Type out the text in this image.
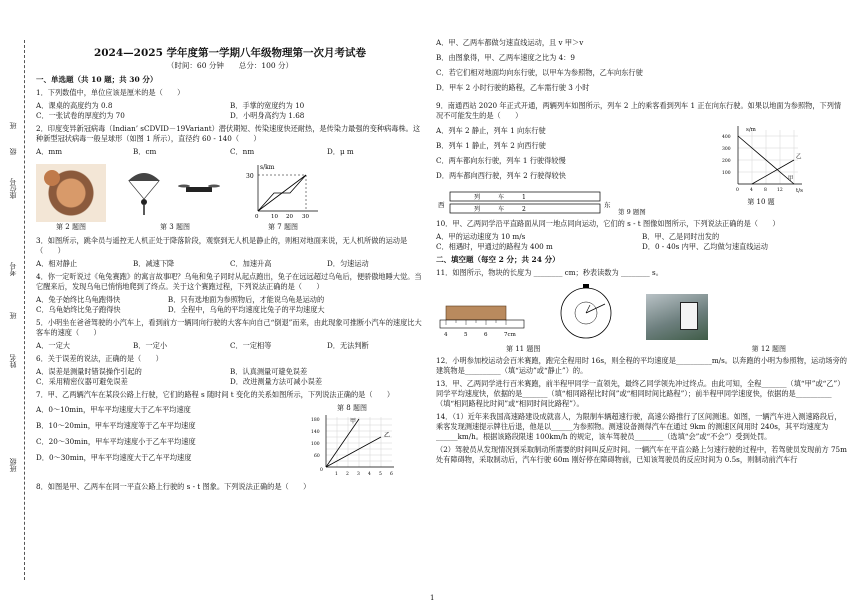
班
级
座位号
考号
班
姓名
班级
2024—2025 学年度第一学期八年级物理第一次月考试卷
（时间：60 分钟　　总分：100 分）
一、单选题（共 10 题；共 30 分）
1．下列数值中，单位应该是厘米的是（　　）
A．课桌的高度约为 0.8	B．手掌的宽度约为 10
C．一张试卷的厚度约为 70	D．小明身高约为 1.68
2．印度变异新冠病毒（Indian’ sCDVID－19Variant）潜伏期短、传染速度快还耐热，是传染力最强的变种病毒株。这种新型冠状病毒一般呈球形（如图 1 所示），直径约 60 - 140（　　）
A．mm	B．cm	C．nm	D．μ m
第 2 题图	第 3 题图
s/km
30
0 10 20 30
第 7 题图
3．如图所示，跳伞员与遥控无人机正处于降落阶段，观察到无人机是静止的，则相对地面来说，无人机所做的运动是（　　）
A．相对静止	B．减速下降	C．加速升高	D．匀速运动
4．你一定听说过《龟兔赛跑》的寓言故事吧？乌龟和兔子同时从起点跑出，兔子在远远超过乌龟后，便骄傲地睡大觉。当它醒来后，发现乌龟已悄悄地爬到了终点。关于这个赛跑过程，下列说法正确的是（　　）
A．兔子始终比乌龟跑得快	B．只有选地面为参照物后，才能说乌龟是运动的
C．乌龟始终比兔子跑得快	D．全程中，乌龟的平均速度比兔子的平均速度大
5．小明坐在爸爸驾驶的小汽车上，看到前方一辆同向行驶的大客车向自己“倒退”而来，由此现象可推断小汽车的速度比大客车的速度（　　）
A．一定大	B．一定小	C．一定相等	D．无法判断
6．关于误差的说法，正确的是（　　）
A．误差是测量时错误操作引起的	B．认真测量可避免误差
C．采用精密仪器可避免误差	D．改进测量方法可减小误差
7．甲、乙两辆汽车在某段公路上行驶，它们的路程 s 随时间 t 变化的关系如图所示，下列说法正确的是（　　）
A．0～10min，甲车平均速度大于乙车平均速度
B．10～20min，甲车平均速度等于乙车平均速度
C．20～30min，甲车平均速度小于乙车平均速度
D．0～30min，甲车平均速度大于乙车平均速度
第 8 题图
甲
乙
180
140
100
60
0
1 2 3 4 5 6
8．如图是甲、乙两车在同一平直公路上行驶的 s - t 图象。下列说法正确的是（　　）
A．甲、乙两车都做匀速直线运动，且 v 甲＞v
B．由图象得，甲、乙两车速度之比为 4：9
C．若它们相对地面均向东行驶，以甲车为参照物，乙车向东行驶
D．甲车 2 小时行驶的路程，乙车需行驶 3 小时
9．南通西站 2020 年正式开通，两辆列车如图所示，列车 2 上的乘客看到列车 1 正在向东行驶。如果以地面为参照物，下列情况不可能发生的是（　　）
A．列车 2 静止，列车 1 向东行驶
B．列车 1 静止，列车 2 向西行驶
C．两车都向东行驶，列车 1 行驶得较慢
D．两车都向西行驶，列车 2 行驶得较快
西	东
列　　　车　　　1
列　　　车　　　2	第 9 题图
s/m
t/s
400
300
200
100
0 4 8 12
甲
乙
第 10 题
10．甲、乙两同学沿平直路面从同一地点同向运动，它们的 s - t 图像如图所示，下列说法正确的是（　　）
A．甲的运动速度为 10 m/s	B．甲、乙是同时出发的
C．相遇时，甲通过的路程为 400 m	D．0 - 40s 内甲、乙均做匀速直线运动
二、填空题（每空 2 分；共 24 分）
11．如图所示，物块的长度为 ________ cm；秒表读数为 ________ s。
4	5	6	7cm
第 11 题图	第 12 题图
12．小明参加校运动会百米赛跑，跑完全程用时 16s，则全程的平均速度是__________m/s。以奔跑的小明为参照物，运动场旁的建筑物是__________（填“运动”或“静止”）的。
13．甲、乙两同学进行百米赛跑，前半程甲同学一直领先，最终乙同学领先冲过终点。由此可知，全程_______（填“甲”或“乙”）同学平均速度快，依据的是_______（填“相同路程比时间”或“相同时间比路程”）；前半程甲同学速度快，依据的是__________（填“相同路程比时间”或“相同时间比路程”）。
14．（1）近年来我国高速路建设成就喜人，为限制车辆超速行驶，高速公路推行了区间测速。如图，一辆汽车进入测速路段后，乘客发现测速提示牌往后退，他是以______为参照物。测速设备测得汽车在通过 9km 的测速区间用时 240s，其平均速度为______km/h。根据该路段限速 100km/h 的规定，该车驾驶员________（选填“会”或“不会”）受到处罚。
（2）驾驶员从发现情况到采取制动所需要的时间叫反应时间。一辆汽车在平直公路上匀速行驶的过程中，若驾驶员发现前方 75m 处有障碍物，采取制动后，汽车行驶 60m 刚好停在障碍物前，已知该驾驶员的反应时间为 0.5s，则制动前汽车行
1
